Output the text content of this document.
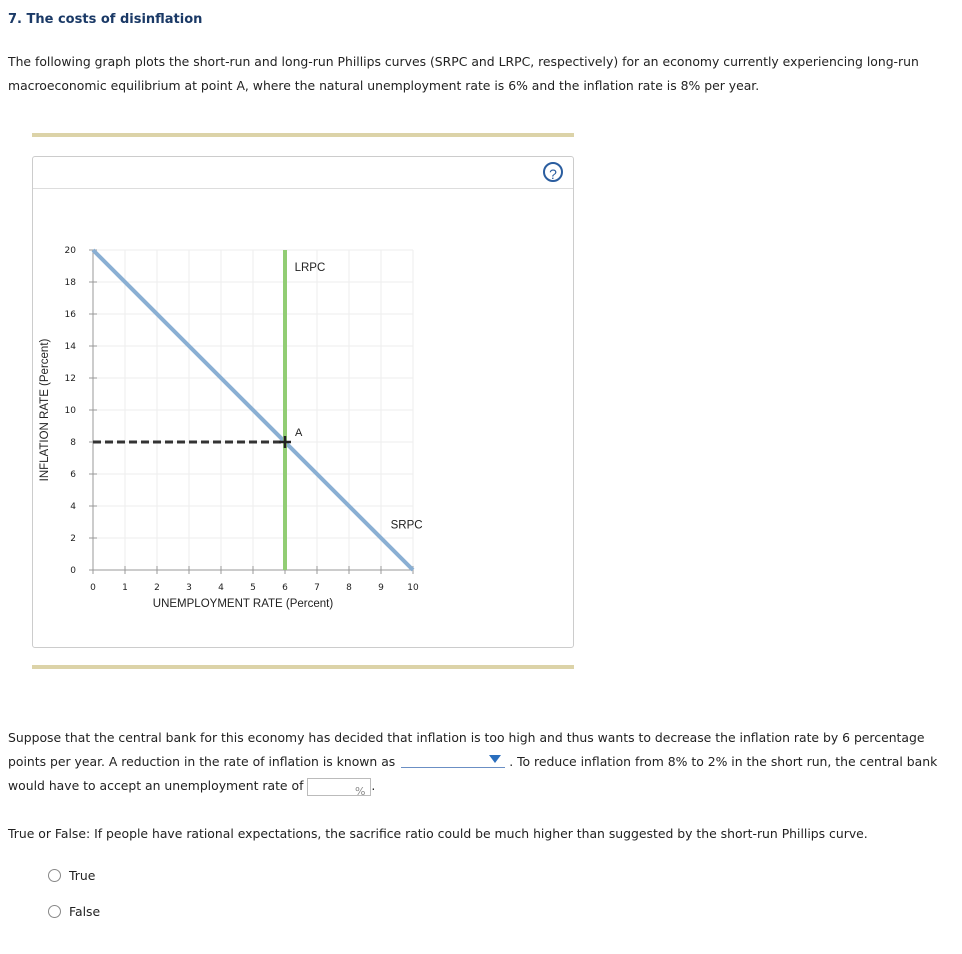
7. The costs of disinflation
The following graph plots the short-run and long-run Phillips curves (SRPC and LRPC, respectively) for an economy currently experiencing long-run macroeconomic equilibrium at point A, where the natural unemployment rate is 6% and the inflation rate is 8% per year.
?
0	1	2	3	4	5	6	7	8	9	10
0
2
4
6
8
10
12
14
16
18
20
UNEMPLOYMENT RATE (Percent)
INFLATION RATE (Percent)	A
LRPC
SRPC
Suppose that the central bank for this economy has decided that inflation is too high and thus wants to decrease the inflation rate by 6 percentage points per year. A reduction in the rate of inflation is known as	. To reduce inflation from 8% to 2% in the short run, the central bank would have to accept an unemployment rate of	% .
True or False: If people have rational expectations, the sacrifice ratio could be much higher than suggested by the short-run Phillips curve.
True
False
